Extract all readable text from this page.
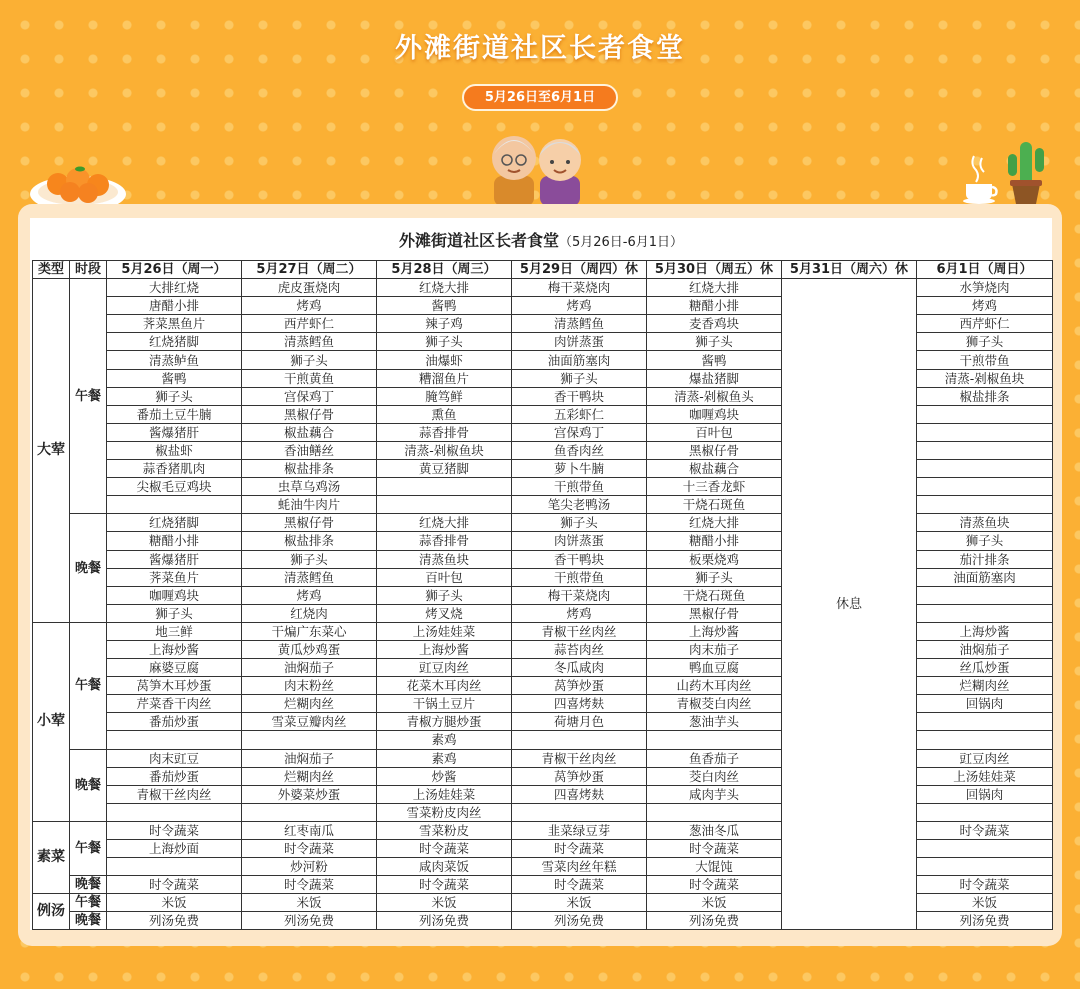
外滩街道社区长者食堂
5月26日至6月1日
外滩街道社区长者食堂（5月26日-6月1日）
类型	时段	5月26日（周一）	5月27日（周二）	5月28日（周三）	5月29日（周四）休	5月30日（周五）休	5月31日（周六）休	6月1日（周日）
大荤	午餐	大排红烧	虎皮蛋烧肉	红烧大排	梅干菜烧肉	红烧大排	休息	水笋烧肉
		唐醋小排	烤鸡	酱鸭	烤鸡	糖醋小排		烤鸡
		荠菜黑鱼片	西芹虾仁	辣子鸡	清蒸鳕鱼	麦香鸡块		西芹虾仁
		红烧猪脚	清蒸鳕鱼	狮子头	肉饼蒸蛋	狮子头		狮子头
		清蒸鲈鱼	狮子头	油爆虾	油面筋塞肉	酱鸭		干煎带鱼
		酱鸭	干煎黄鱼	糟溜鱼片	狮子头	爆盐猪脚		清蒸-剁椒鱼块
		狮子头	宫保鸡丁	腌笃鲜	香干鸭块	清蒸-剁椒鱼头		椒盐排条
		番茄土豆牛腩	黑椒仔骨	熏鱼	五彩虾仁	咖喱鸡块		
		酱爆猪肝	椒盐藕合	蒜香排骨	宫保鸡丁	百叶包		
		椒盐虾	香油鳝丝	清蒸-剁椒鱼块	鱼香肉丝	黑椒仔骨		
		蒜香猪肌肉	椒盐排条	黄豆猪脚	萝卜牛腩	椒盐藕合		
		尖椒毛豆鸡块	虫草乌鸡汤		干煎带鱼	十三香龙虾		
			蚝油牛肉片		笔尖老鸭汤	干烧石斑鱼		
	晚餐	红烧猪脚	黑椒仔骨	红烧大排	狮子头	红烧大排		清蒸鱼块
		糖醋小排	椒盐排条	蒜香排骨	肉饼蒸蛋	糖醋小排		狮子头
		酱爆猪肝	狮子头	清蒸鱼块	香干鸭块	板栗烧鸡		茄汁排条
		荠菜鱼片	清蒸鳕鱼	百叶包	干煎带鱼	狮子头		油面筋塞肉
		咖喱鸡块	烤鸡	狮子头	梅干菜烧肉	干烧石斑鱼		
		狮子头	红烧肉	烤叉烧	烤鸡	黑椒仔骨		
小荤	午餐	地三鲜	干煸广东菜心	上汤娃娃菜	青椒干丝肉丝	上海炒酱		上海炒酱
		上海炒酱	黄瓜炒鸡蛋	上海炒酱	蒜苔肉丝	肉末茄子		油焖茄子
		麻婆豆腐	油焖茄子	豇豆肉丝	冬瓜咸肉	鸭血豆腐		丝瓜炒蛋
		莴笋木耳炒蛋	肉末粉丝	花菜木耳肉丝	莴笋炒蛋	山药木耳肉丝		烂糊肉丝
		芹菜香干肉丝	烂糊肉丝	干锅土豆片	四喜烤麸	青椒茭白肉丝		回锅肉
		番茄炒蛋	雪菜豆瓣肉丝	青椒方腿炒蛋	荷塘月色	葱油芋头		
				素鸡				
	晚餐	肉末豇豆	油焖茄子	素鸡	青椒干丝肉丝	鱼香茄子		豇豆肉丝
		番茄炒蛋	烂糊肉丝	炒酱	莴笋炒蛋	茭白肉丝		上汤娃娃菜
		青椒干丝肉丝	外婆菜炒蛋	上汤娃娃菜	四喜烤麸	咸肉芋头		回锅肉
				雪菜粉皮肉丝				
素菜	午餐	时令蔬菜	红枣南瓜	雪菜粉皮	韭菜绿豆芽	葱油冬瓜		时令蔬菜
		上海炒面	时令蔬菜	时令蔬菜	时令蔬菜	时令蔬菜		
			炒河粉	咸肉菜饭	雪菜肉丝年糕	大馄饨		
	晚餐	时令蔬菜	时令蔬菜	时令蔬菜	时令蔬菜	时令蔬菜		时令蔬菜
例汤	午餐	米饭	米饭	米饭	米饭	米饭		米饭
	晚餐	列汤免费	列汤免费	列汤免费	列汤免费	列汤免费		列汤免费
